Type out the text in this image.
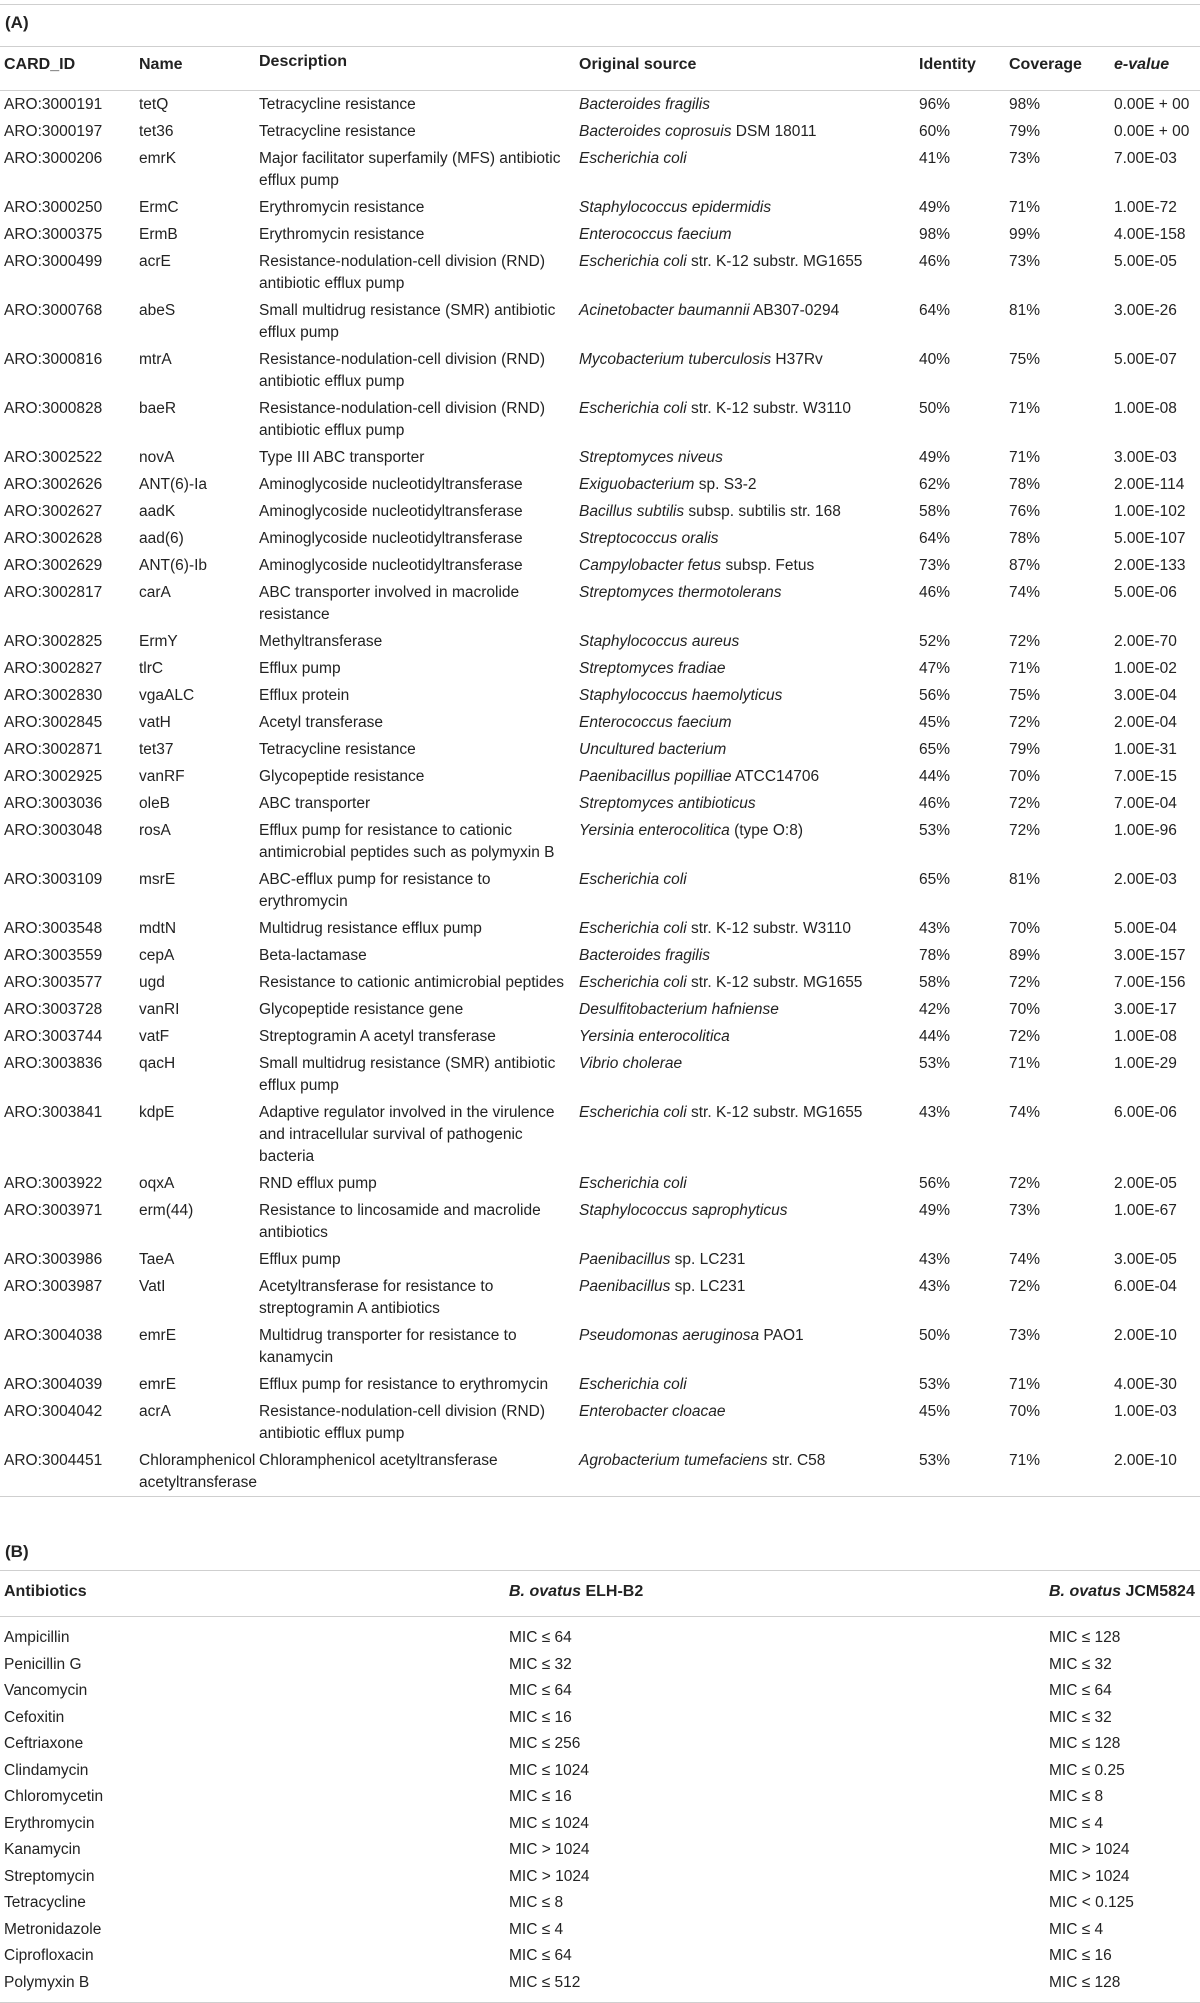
(A)
CARD_ID	Name	Description	Original source	Identity	Coverage	e-value
ARO:3000191	tetQ	Tetracycline resistance	Bacteroides fragilis	96%	98%	0.00E + 00
ARO:3000197	tet36	Tetracycline resistance	Bacteroides coprosuis DSM 18011	60%	79%	0.00E + 00
ARO:3000206	emrK	Major facilitator superfamily (MFS) antibiotic efflux pump	Escherichia coli	41%	73%	7.00E-03
ARO:3000250	ErmC	Erythromycin resistance	Staphylococcus epidermidis	49%	71%	1.00E-72
ARO:3000375	ErmB	Erythromycin resistance	Enterococcus faecium	98%	99%	4.00E-158
ARO:3000499	acrE	Resistance-nodulation-cell division (RND) antibiotic efflux pump	Escherichia coli str. K-12 substr. MG1655	46%	73%	5.00E-05
ARO:3000768	abeS	Small multidrug resistance (SMR) antibiotic efflux pump	Acinetobacter baumannii AB307-0294	64%	81%	3.00E-26
ARO:3000816	mtrA	Resistance-nodulation-cell division (RND) antibiotic efflux pump	Mycobacterium tuberculosis H37Rv	40%	75%	5.00E-07
ARO:3000828	baeR	Resistance-nodulation-cell division (RND) antibiotic efflux pump	Escherichia coli str. K-12 substr. W3110	50%	71%	1.00E-08
ARO:3002522	novA	Type III ABC transporter	Streptomyces niveus	49%	71%	3.00E-03
ARO:3002626	ANT(6)-Ia	Aminoglycoside nucleotidyltransferase	Exiguobacterium sp. S3-2	62%	78%	2.00E-114
ARO:3002627	aadK	Aminoglycoside nucleotidyltransferase	Bacillus subtilis subsp. subtilis str. 168	58%	76%	1.00E-102
ARO:3002628	aad(6)	Aminoglycoside nucleotidyltransferase	Streptococcus oralis	64%	78%	5.00E-107
ARO:3002629	ANT(6)-Ib	Aminoglycoside nucleotidyltransferase	Campylobacter fetus subsp. Fetus	73%	87%	2.00E-133
ARO:3002817	carA	ABC transporter involved in macrolide resistance	Streptomyces thermotolerans	46%	74%	5.00E-06
ARO:3002825	ErmY	Methyltransferase	Staphylococcus aureus	52%	72%	2.00E-70
ARO:3002827	tlrC	Efflux pump	Streptomyces fradiae	47%	71%	1.00E-02
ARO:3002830	vgaALC	Efflux protein	Staphylococcus haemolyticus	56%	75%	3.00E-04
ARO:3002845	vatH	Acetyl transferase	Enterococcus faecium	45%	72%	2.00E-04
ARO:3002871	tet37	Tetracycline resistance	Uncultured bacterium	65%	79%	1.00E-31
ARO:3002925	vanRF	Glycopeptide resistance	Paenibacillus popilliae ATCC14706	44%	70%	7.00E-15
ARO:3003036	oleB	ABC transporter	Streptomyces antibioticus	46%	72%	7.00E-04
ARO:3003048	rosA	Efflux pump for resistance to cationic antimicrobial peptides such as polymyxin B	Yersinia enterocolitica (type O:8)	53%	72%	1.00E-96
ARO:3003109	msrE	ABC-efflux pump for resistance to erythromycin	Escherichia coli	65%	81%	2.00E-03
ARO:3003548	mdtN	Multidrug resistance efflux pump	Escherichia coli str. K-12 substr. W3110	43%	70%	5.00E-04
ARO:3003559	cepA	Beta-lactamase	Bacteroides fragilis	78%	89%	3.00E-157
ARO:3003577	ugd	Resistance to cationic antimicrobial peptides	Escherichia coli str. K-12 substr. MG1655	58%	72%	7.00E-156
ARO:3003728	vanRI	Glycopeptide resistance gene	Desulfitobacterium hafniense	42%	70%	3.00E-17
ARO:3003744	vatF	Streptogramin A acetyl transferase	Yersinia enterocolitica	44%	72%	1.00E-08
ARO:3003836	qacH	Small multidrug resistance (SMR) antibiotic efflux pump	Vibrio cholerae	53%	71%	1.00E-29
ARO:3003841	kdpE	Adaptive regulator involved in the virulence and intracellular survival of pathogenic bacteria	Escherichia coli str. K-12 substr. MG1655	43%	74%	6.00E-06
ARO:3003922	oqxA	RND efflux pump	Escherichia coli	56%	72%	2.00E-05
ARO:3003971	erm(44)	Resistance to lincosamide and macrolide antibiotics	Staphylococcus saprophyticus	49%	73%	1.00E-67
ARO:3003986	TaeA	Efflux pump	Paenibacillus sp. LC231	43%	74%	3.00E-05
ARO:3003987	VatI	Acetyltransferase for resistance to streptogramin A antibiotics	Paenibacillus sp. LC231	43%	72%	6.00E-04
ARO:3004038	emrE	Multidrug transporter for resistance to kanamycin	Pseudomonas aeruginosa PAO1	50%	73%	2.00E-10
ARO:3004039	emrE	Efflux pump for resistance to erythromycin	Escherichia coli	53%	71%	4.00E-30
ARO:3004042	acrA	Resistance-nodulation-cell division (RND) antibiotic efflux pump	Enterobacter cloacae	45%	70%	1.00E-03
ARO:3004451	Chloramphenicol acetyltransferase	Chloramphenicol acetyltransferase	Agrobacterium tumefaciens str. C58	53%	71%	2.00E-10
(B)
Antibiotics	B. ovatus ELH-B2	B. ovatus JCM5824
Ampicillin	MIC ≤ 64	MIC ≤ 128
Penicillin G	MIC ≤ 32	MIC ≤ 32
Vancomycin	MIC ≤ 64	MIC ≤ 64
Cefoxitin	MIC ≤ 16	MIC ≤ 32
Ceftriaxone	MIC ≤ 256	MIC ≤ 128
Clindamycin	MIC ≤ 1024	MIC ≤ 0.25
Chloromycetin	MIC ≤ 16	MIC ≤ 8
Erythromycin	MIC ≤ 1024	MIC ≤ 4
Kanamycin	MIC > 1024	MIC > 1024
Streptomycin	MIC > 1024	MIC > 1024
Tetracycline	MIC ≤ 8	MIC < 0.125
Metronidazole	MIC ≤ 4	MIC ≤ 4
Ciprofloxacin	MIC ≤ 64	MIC ≤ 16
Polymyxin B	MIC ≤ 512	MIC ≤ 128
